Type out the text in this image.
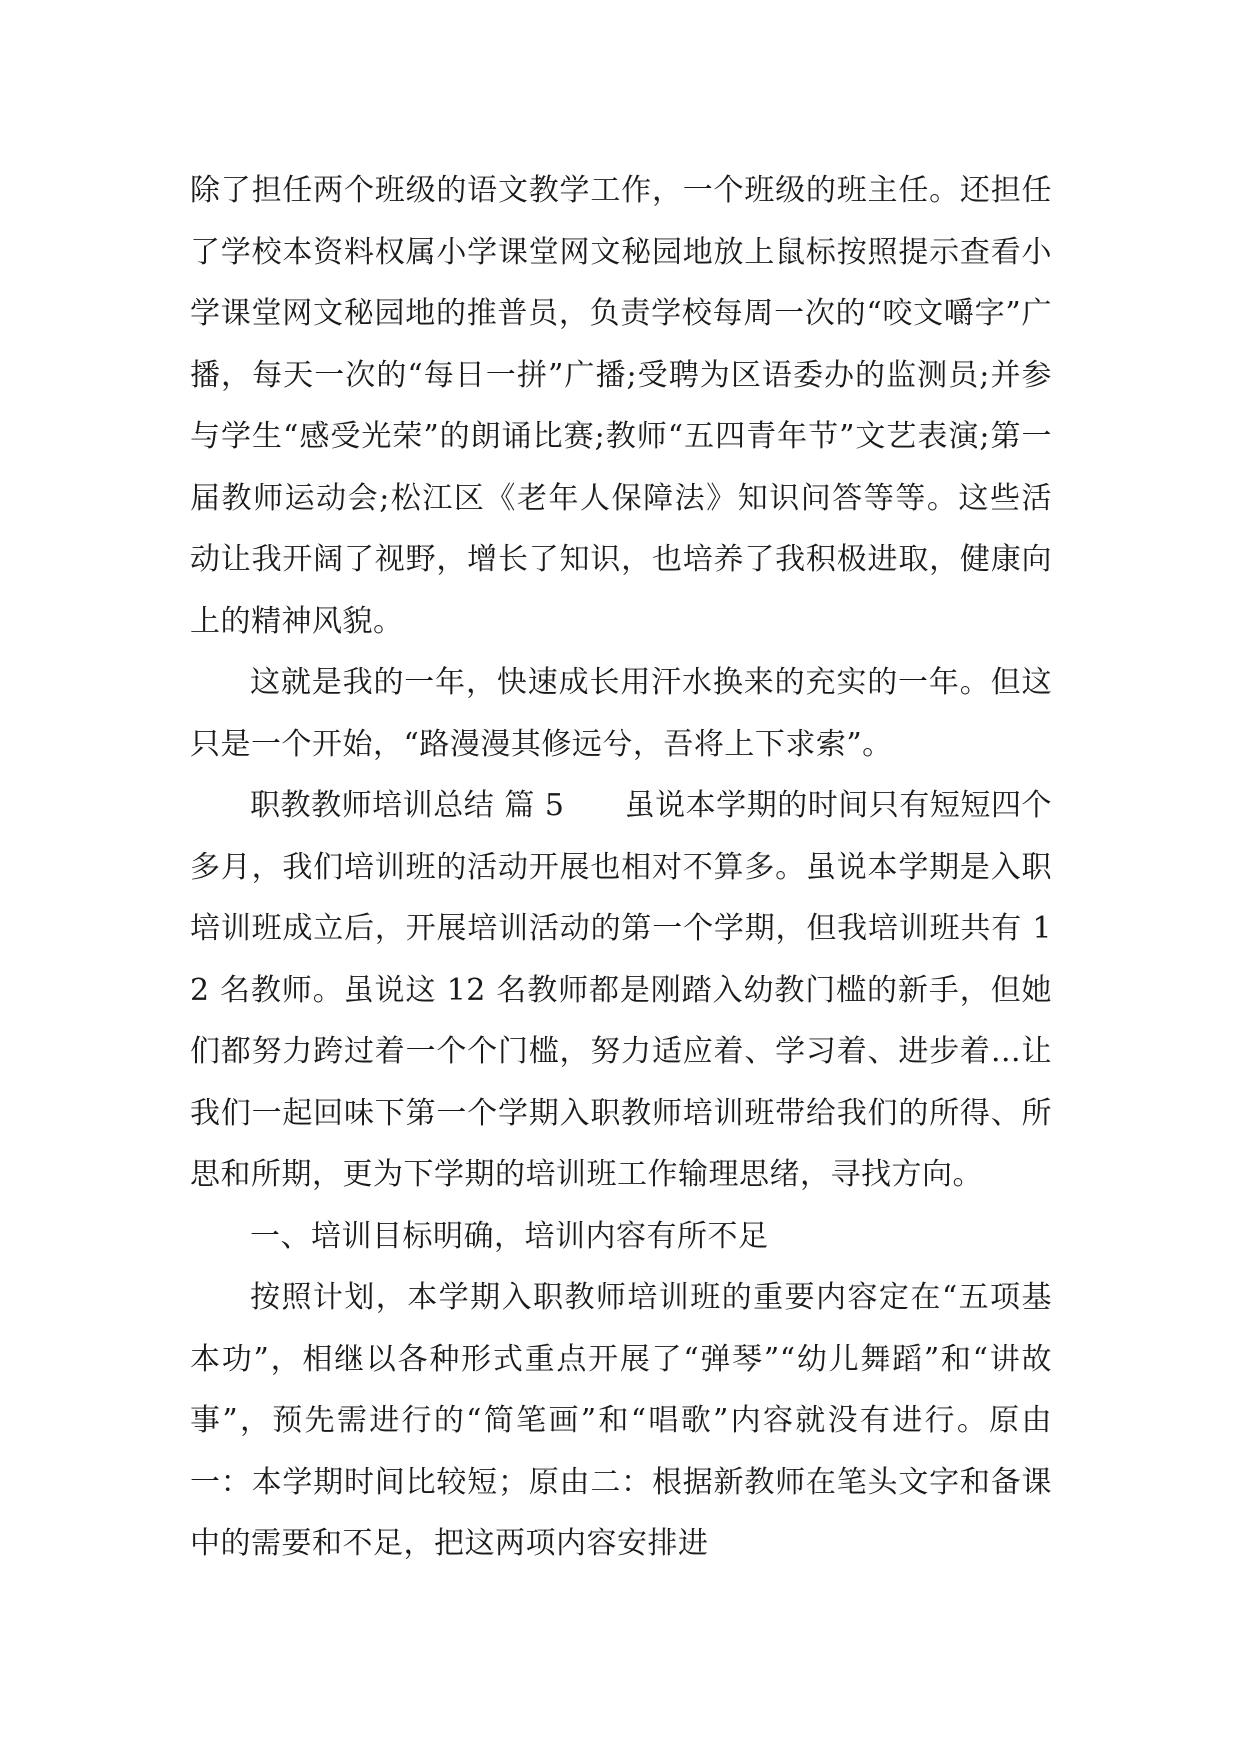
除了担任两个班级的语文教学工作，一个班级的班主任。还担任了学校本资料权属小学课堂网文秘园地放上鼠标按照提示查看小学课堂网文秘园地的推普员，负责学校每周一次的“咬文嚼字”广播，每天一次的“每日一拼”广播;受聘为区语委办的监测员;并参与学生“感受光荣”的朗诵比赛;教师“五四青年节”文艺表演;第一届教师运动会;松江区《老年人保障法》知识问答等等。这些活动让我开阔了视野，增长了知识，也培养了我积极进取，健康向上的精神风貌。

这就是我的一年，快速成长用汗水换来的充实的一年。但这只是一个开始，“路漫漫其修远兮，吾将上下求索”。

职教教师培训总结 篇 5 虽说本学期的时间只有短短四个多月，我们培训班的活动开展也相对不算多。虽说本学期是入职培训班成立后，开展培训活动的第一个学期，但我培训班共有 12 名教师。虽说这 12 名教师都是刚踏入幼教门槛的新手，但她们都努力跨过着一个个门槛，努力适应着、学习着、进步着…让我们一起回味下第一个学期入职教师培训班带给我们的所得、所思和所期，更为下学期的培训班工作输理思绪，寻找方向。

一、培训目标明确，培训内容有所不足

按照计划，本学期入职教师培训班的重要内容定在“五项基本功”，相继以各种形式重点开展了“弹琴”“幼儿舞蹈”和“讲故事”，预先需进行的“简笔画”和“唱歌”内容就没有进行。原由一：本学期时间比较短；原由二：根据新教师在笔头文字和备课中的需要和不足，把这两项内容安排进
